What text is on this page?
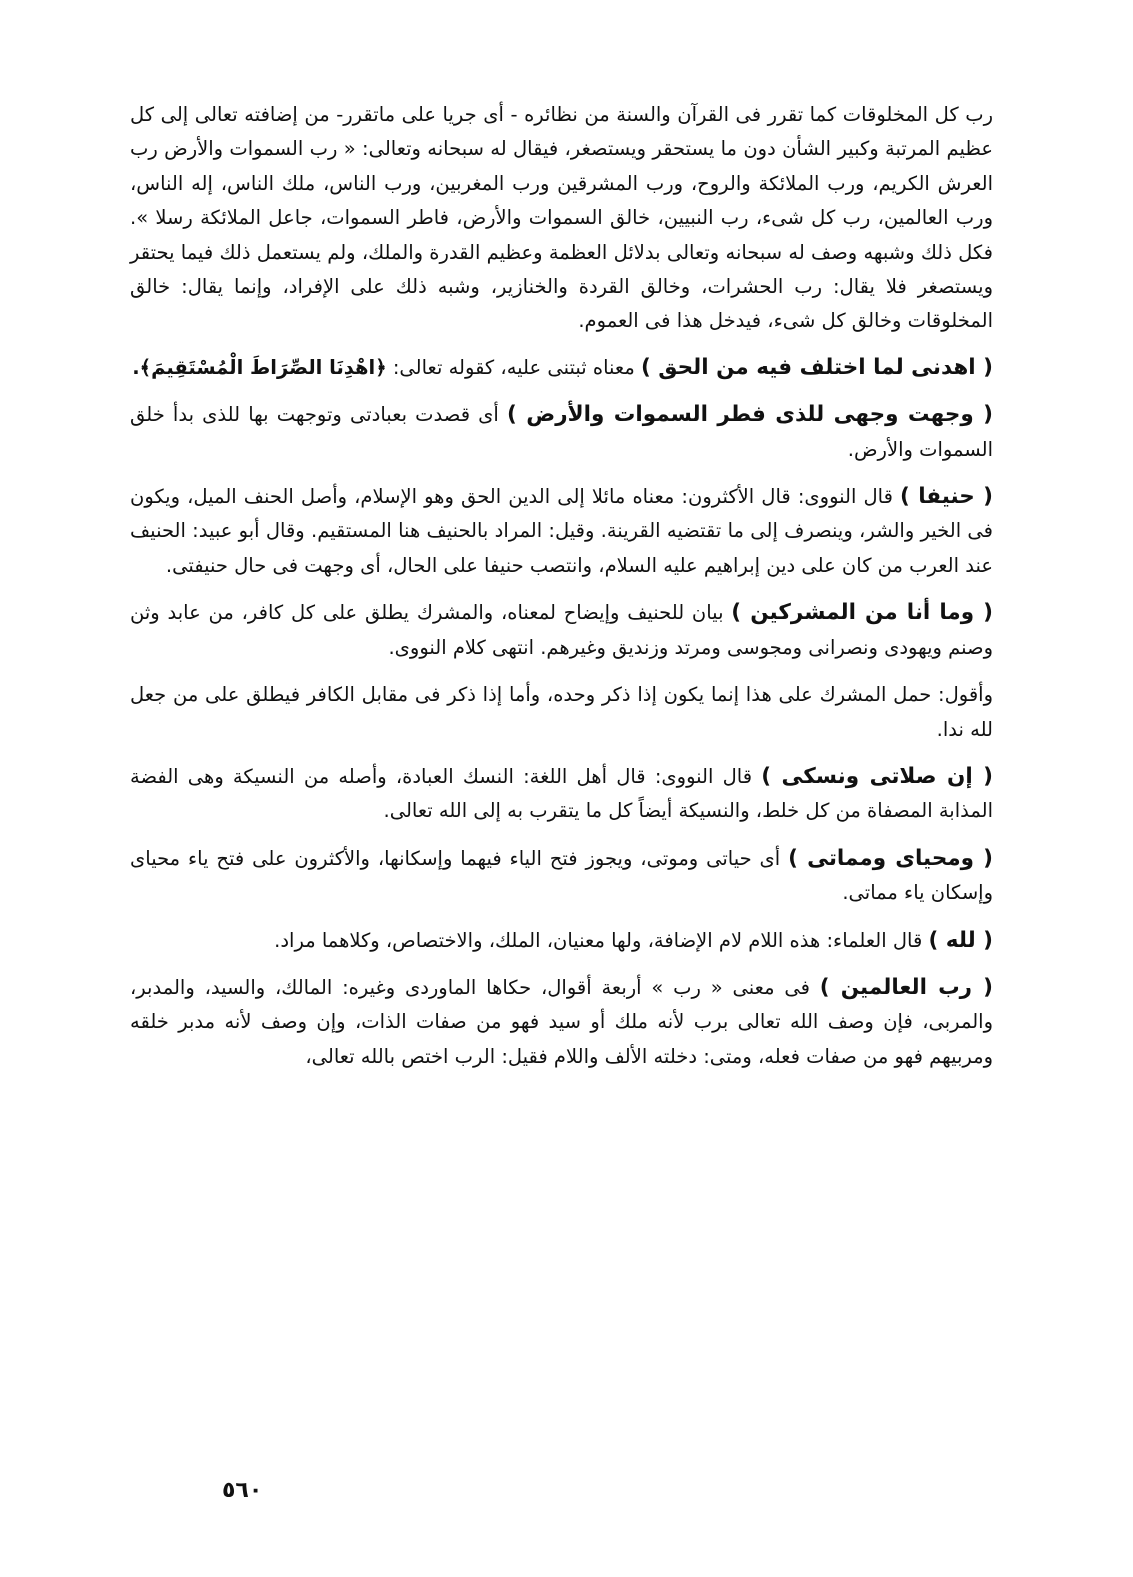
رب كل المخلوقات كما تقرر فى القرآن والسنة من نظائره - أى جريا على ماتقرر- من إضافته تعالى إلى كل عظيم المرتبة وكبير الشأن دون ما يستحقر ويستصغر، فيقال له سبحانه وتعالى: « رب السموات والأرض رب العرش الكريم، ورب الملائكة والروح، ورب المشرقين ورب المغربين، ورب الناس، ملك الناس، إله الناس، ورب العالمين، رب كل شىء، رب النبيين، خالق السموات والأرض، فاطر السموات، جاعل الملائكة رسلا ». فكل ذلك وشبهه وصف له سبحانه وتعالى بدلائل العظمة وعظيم القدرة والملك، ولم يستعمل ذلك فيما يحتقر ويستصغر فلا يقال: رب الحشرات، وخالق القردة والخنازير، وشبه ذلك على الإفراد، وإنما يقال: خالق المخلوقات وخالق كل شىء، فيدخل هذا فى العموم.

( اهدنى لما اختلف فيه من الحق ) معناه ثبتنى عليه، كقوله تعالى: ﴿اهْدِنَا الصِّرَاطَ الْمُسْتَقِيمَ﴾.

( وجهت وجهى للذى فطر السموات والأرض ) أى قصدت بعبادتى وتوجهت بها للذى بدأ خلق السموات والأرض.

( حنيفا ) قال النووى: قال الأكثرون: معناه مائلا إلى الدين الحق وهو الإسلام، وأصل الحنف الميل، ويكون فى الخير والشر، وينصرف إلى ما تقتضيه القرينة. وقيل: المراد بالحنيف هنا المستقيم. وقال أبو عبيد: الحنيف عند العرب من كان على دين إبراهيم عليه السلام، وانتصب حنيفا على الحال، أى وجهت فى حال حنيفتى.

( وما أنا من المشركين ) بيان للحنيف وإيضاح لمعناه، والمشرك يطلق على كل كافر، من عابد وثن وصنم ويهودى ونصرانى ومجوسى ومرتد وزنديق وغيرهم. انتهى كلام النووى.

وأقول: حمل المشرك على هذا إنما يكون إذا ذكر وحده، وأما إذا ذكر فى مقابل الكافر فيطلق على من جعل لله ندا.

( إن صلاتى ونسكى ) قال النووى: قال أهل اللغة: النسك العبادة، وأصله من النسيكة وهى الفضة المذابة المصفاة من كل خلط، والنسيكة أيضاً كل ما يتقرب به إلى الله تعالى.

( ومحياى ومماتى ) أى حياتى وموتى، ويجوز فتح الياء فيهما وإسكانها، والأكثرون على فتح ياء محياى وإسكان ياء مماتى.

( لله ) قال العلماء: هذه اللام لام الإضافة، ولها معنيان، الملك، والاختصاص، وكلاهما مراد.

( رب العالمين ) فى معنى « رب » أربعة أقوال، حكاها الماوردى وغيره: المالك، والسيد، والمدبر، والمربى، فإن وصف الله تعالى برب لأنه ملك أو سيد فهو من صفات الذات، وإن وصف لأنه مدبر خلقه ومربيهم فهو من صفات فعله، ومتى: دخلته الألف واللام فقيل: الرب اختص بالله تعالى،

٥٦٠
